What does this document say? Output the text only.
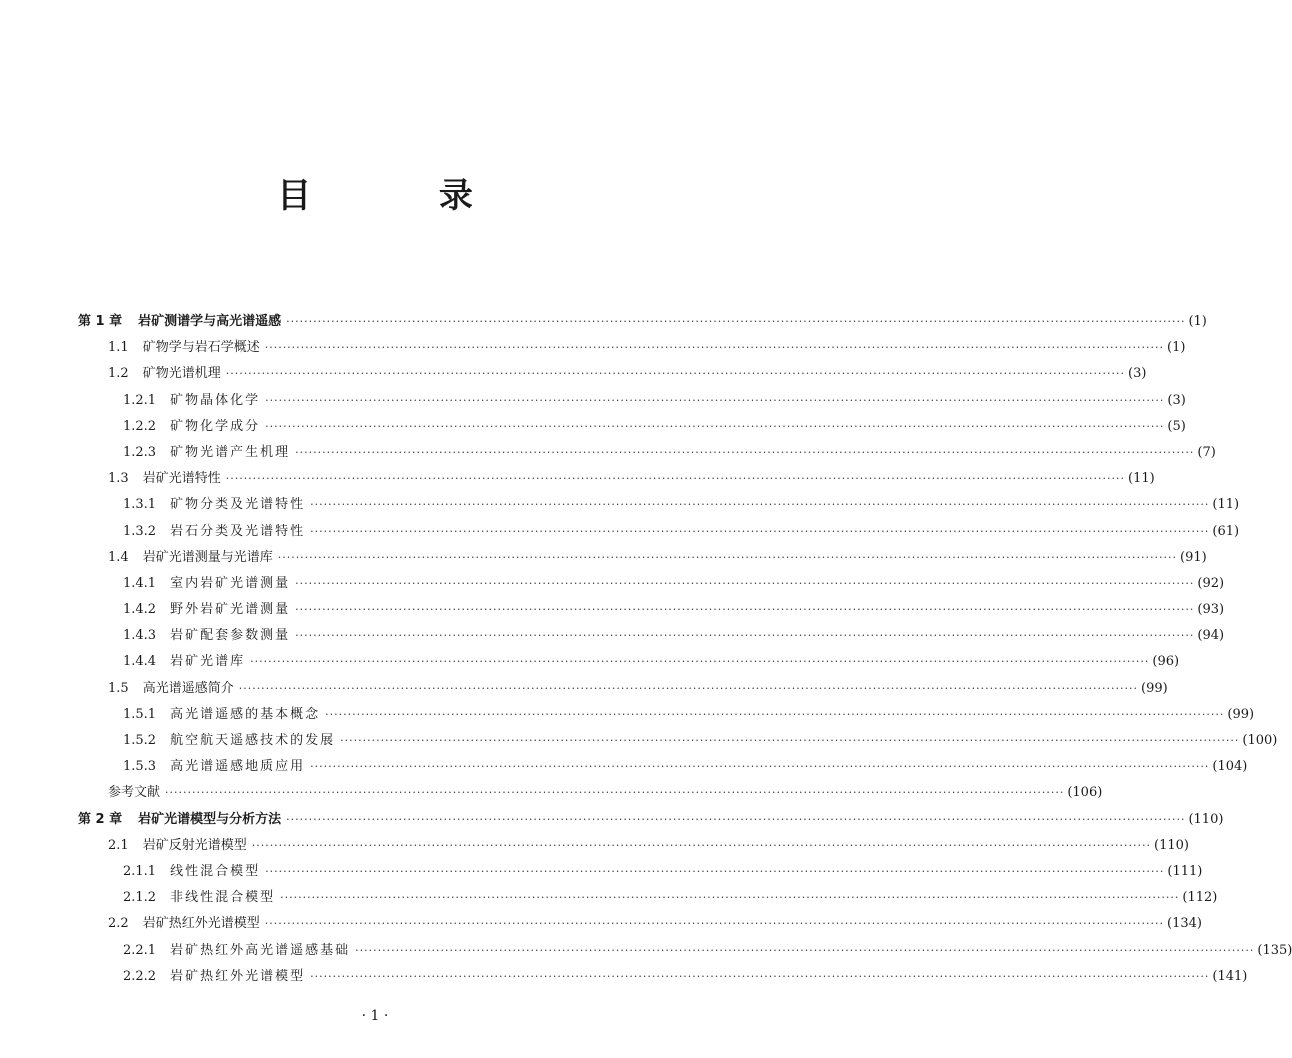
目 录
第 1 章 岩矿测谱学与高光谱遥感 ········································································································································································································ (1)
1.1 矿物学与岩石学概述 ········································································································································································································ (1)
1.2 矿物光谱机理 ········································································································································································································ (3)
1.2.1 矿物晶体化学 ········································································································································································································ (3)
1.2.2 矿物化学成分 ········································································································································································································ (5)
1.2.3 矿物光谱产生机理 ········································································································································································································ (7)
1.3 岩矿光谱特性 ········································································································································································································ (11)
1.3.1 矿物分类及光谱特性 ········································································································································································································ (11)
1.3.2 岩石分类及光谱特性 ········································································································································································································ (61)
1.4 岩矿光谱测量与光谱库 ········································································································································································································ (91)
1.4.1 室内岩矿光谱测量 ········································································································································································································ (92)
1.4.2 野外岩矿光谱测量 ········································································································································································································ (93)
1.4.3 岩矿配套参数测量 ········································································································································································································ (94)
1.4.4 岩矿光谱库 ········································································································································································································ (96)
1.5 高光谱遥感简介 ········································································································································································································ (99)
1.5.1 高光谱遥感的基本概念 ········································································································································································································ (99)
1.5.2 航空航天遥感技术的发展 ········································································································································································································ (100)
1.5.3 高光谱遥感地质应用 ········································································································································································································ (104)
参考文献 ········································································································································································································ (106)
第 2 章 岩矿光谱模型与分析方法 ········································································································································································································ (110)
2.1 岩矿反射光谱模型 ········································································································································································································ (110)
2.1.1 线性混合模型 ········································································································································································································ (111)
2.1.2 非线性混合模型 ········································································································································································································ (112)
2.2 岩矿热红外光谱模型 ········································································································································································································ (134)
2.2.1 岩矿热红外高光谱遥感基础 ········································································································································································································ (135)
2.2.2 岩矿热红外光谱模型 ········································································································································································································ (141)
· 1 ·
